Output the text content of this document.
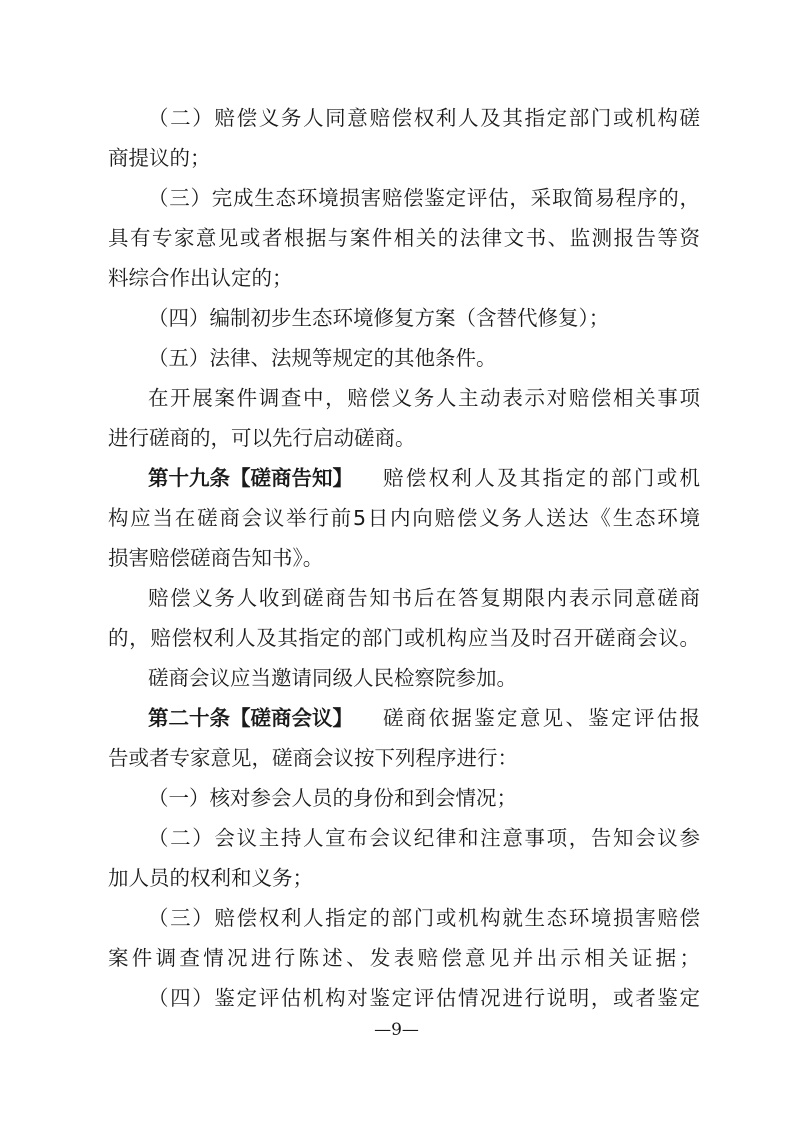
（二）赔偿义务人同意赔偿权利人及其指定部门或机构磋
商提议的；
（三）完成生态环境损害赔偿鉴定评估，采取简易程序的，
具有专家意见或者根据与案件相关的法律文书、监测报告等资
料综合作出认定的；
（四）编制初步生态环境修复方案（含替代修复）；
（五）法律、法规等规定的其他条件。
在开展案件调查中，赔偿义务人主动表示对赔偿相关事项
进行磋商的，可以先行启动磋商。
第十九条【磋商告知】 赔偿权利人及其指定的部门或机
构应当在磋商会议举行前5日内向赔偿义务人送达《生态环境
损害赔偿磋商告知书》。
赔偿义务人收到磋商告知书后在答复期限内表示同意磋商
的，赔偿权利人及其指定的部门或机构应当及时召开磋商会议。
磋商会议应当邀请同级人民检察院参加。
第二十条【磋商会议】 磋商依据鉴定意见、鉴定评估报
告或者专家意见，磋商会议按下列程序进行：
（一）核对参会人员的身份和到会情况；
（二）会议主持人宣布会议纪律和注意事项，告知会议参
加人员的权利和义务；
（三）赔偿权利人指定的部门或机构就生态环境损害赔偿
案件调查情况进行陈述、发表赔偿意见并出示相关证据；
（四）鉴定评估机构对鉴定评估情况进行说明，或者鉴定
—9—
